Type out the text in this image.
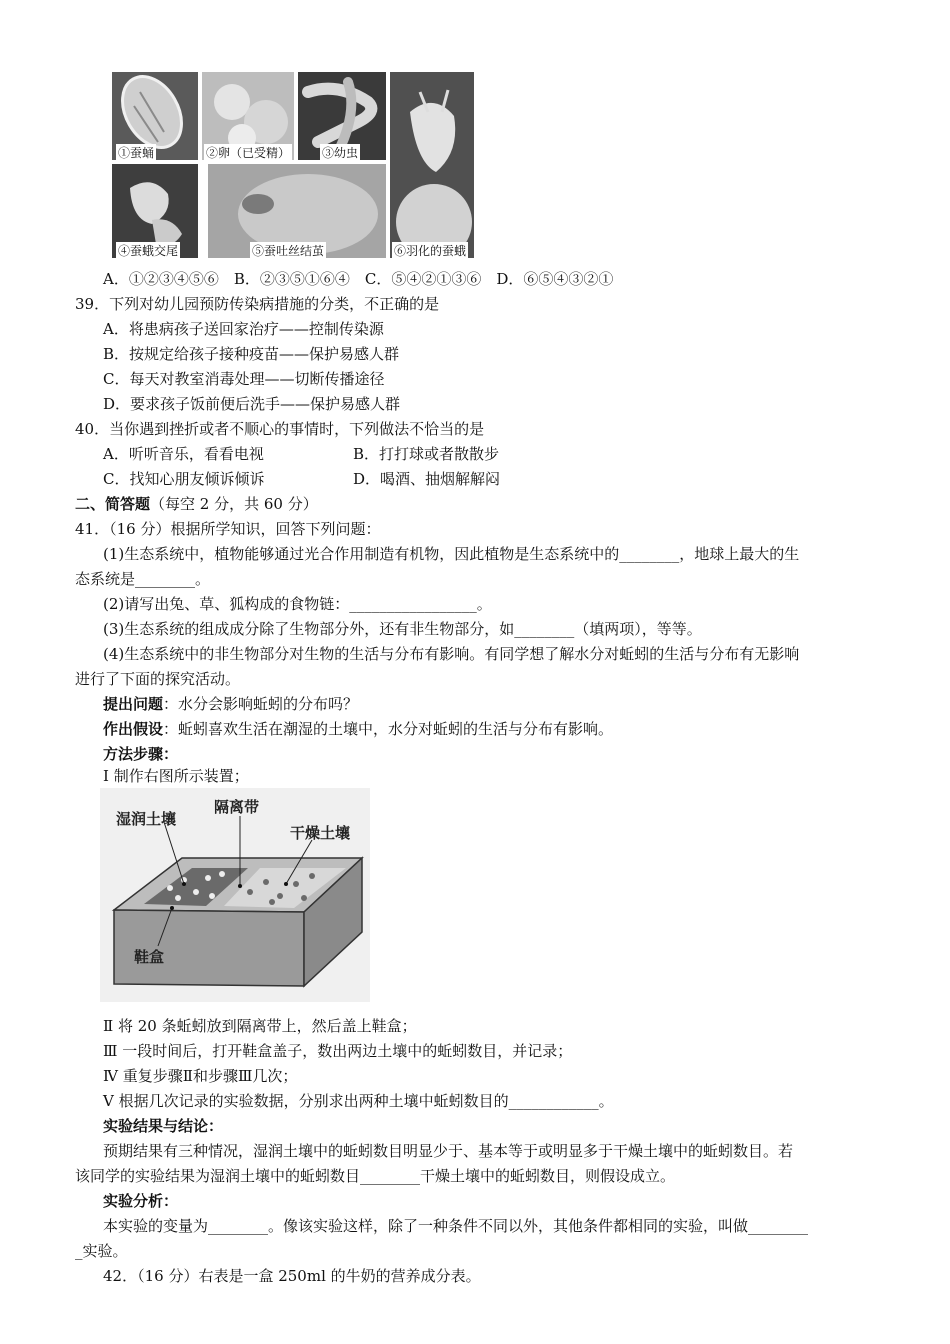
①蚕蛹	②卵（已受精）	③幼虫
④蚕蛾交尾	⑤蚕吐丝结茧	⑥羽化的蚕蛾
A．①②③④⑤⑥　B．②③⑤①⑥④　C．⑤④②①③⑥　D．⑥⑤④③②①
39．下列对幼儿园预防传染病措施的分类，不正确的是
A．将患病孩子送回家治疗——控制传染源
B．按规定给孩子接种疫苗——保护易感人群
C．每天对教室消毒处理——切断传播途径
D．要求孩子饭前便后洗手——保护易感人群
40．当你遇到挫折或者不顺心的事情时，下列做法不恰当的是
A．听听音乐，看看电视	B．打打球或者散散步
C．找知心朋友倾诉倾诉	D．喝酒、抽烟解解闷
二、简答题（每空 2 分，共 60 分）
41．（16 分）根据所学知识，回答下列问题：
(1)生态系统中，植物能够通过光合作用制造有机物，因此植物是生态系统中的________，地球上最大的生
态系统是________。
(2)请写出兔、草、狐构成的食物链：_________________。
(3)生态系统的组成成分除了生物部分外，还有非生物部分，如________（填两项），等等。
(4)生态系统中的非生物部分对生物的生活与分布有影响。有同学想了解水分对蚯蚓的生活与分布有无影响
进行了下面的探究活动。
提出问题：水分会影响蚯蚓的分布吗？
作出假设：蚯蚓喜欢生活在潮湿的土壤中，水分对蚯蚓的生活与分布有影响。
方法步骤：
Ⅰ 制作右图所示装置；
湿润土壤
隔离带
干燥土壤
鞋盒
Ⅱ 将 20 条蚯蚓放到隔离带上，然后盖上鞋盒；
Ⅲ 一段时间后，打开鞋盒盖子，数出两边土壤中的蚯蚓数目，并记录；
Ⅳ 重复步骤Ⅱ和步骤Ⅲ几次；
Ⅴ 根据几次记录的实验数据，分别求出两种土壤中蚯蚓数目的____________。
实验结果与结论：
预期结果有三种情况，湿润土壤中的蚯蚓数目明显少于、基本等于或明显多于干燥土壤中的蚯蚓数目。若
该同学的实验结果为湿润土壤中的蚯蚓数目________干燥土壤中的蚯蚓数目，则假设成立。
实验分析：
本实验的变量为________。像该实验这样，除了一种条件不同以外，其他条件都相同的实验，叫做________
_实验。
42．（16 分）右表是一盒 250ml 的牛奶的营养成分表。
